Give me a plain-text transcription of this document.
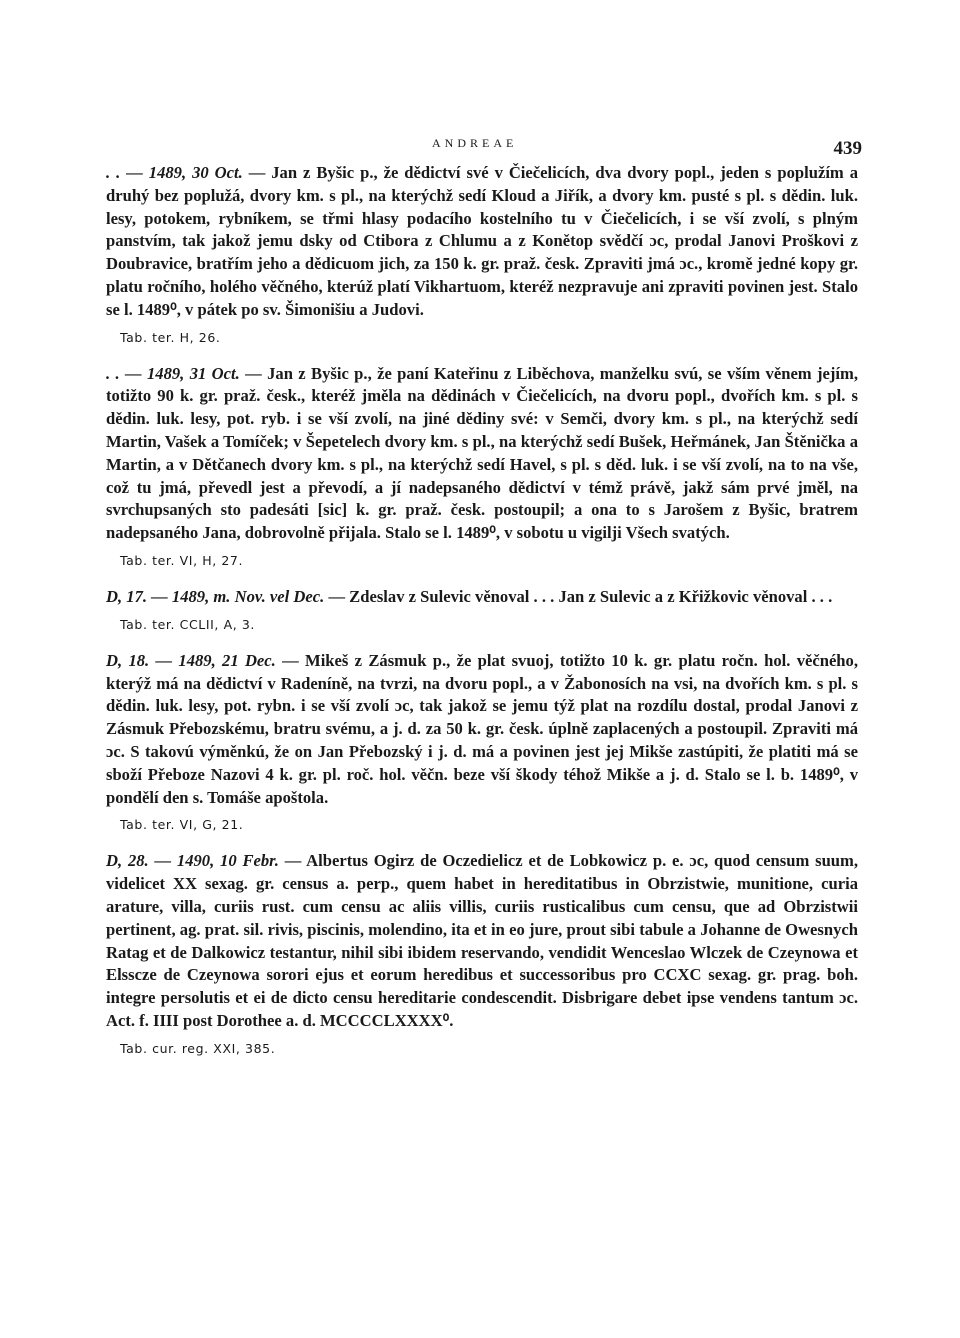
ANDREAE	439

. . — 1489, 30 Oct. — Jan z Byšic p., že dědictví své v Čiečelicích, dva dvory popl., jeden s poplužím a druhý bez poplužá, dvory km. s pl., na kterýchž sedí Kloud a Jiřík, a dvory km. pusté s pl. s dědin. luk. lesy, potokem, rybníkem, se třmi hlasy podacího kostelního tu v Čiečelicích, i se vší zvolí, s plným panstvím, tak jakož jemu dsky od Ctibora z Chlumu a z Konětop svědčí ɔc, prodal Janovi Proškovi z Doubravice, bratřím jeho a dědicuom jich, za 150 k. gr. praž. česk. Zpraviti jmá ɔc., kromě jedné kopy gr. platu ročního, holého věčného, kterúž platí Vikhartuom, kteréž nezpravuje ani zpraviti povinen jest. Stalo se l. 1489⁰, v pátek po sv. Šimonišiu a Judovi.

Tab. ter. H, 26.

. . — 1489, 31 Oct. — Jan z Byšic p., že paní Kateřinu z Liběchova, manželku svú, se vším věnem jejím, totižto 90 k. gr. praž. česk., kteréž jměla na dědinách v Čiečelicích, na dvoru popl., dvořích km. s pl. s dědin. luk. lesy, pot. ryb. i se vší zvolí, na jiné dědiny své: v Semči, dvory km. s pl., na kterýchž sedí Martin, Vašek a Tomíček; v Šepetelech dvory km. s pl., na kterýchž sedí Bušek, Heřmánek, Jan Štěnička a Martin, a v Dětčanech dvory km. s pl., na kterýchž sedí Havel, s pl. s děd. luk. i se vší zvolí, na to na vše, což tu jmá, převedl jest a převodí, a jí nadepsaného dědictví v témž právě, jakž sám prvé jměl, na svrchupsaných sto padesáti [sic] k. gr. praž. česk. postoupil; a ona to s Jarošem z Byšic, bratrem nadepsaného Jana, dobrovolně přijala. Stalo se l. 1489⁰, v sobotu u vigilji Všech svatých.

Tab. ter. VI, H, 27.

D, 17. — 1489, m. Nov. vel Dec. — Zdeslav z Sulevic věnoval . . . Jan z Sulevic a z Křižkovic věnoval . . .

Tab. ter. CCLII, A, 3.

D, 18. — 1489, 21 Dec. — Mikeš z Zásmuk p., že plat svuoj, totižto 10 k. gr. platu ročn. hol. věčného, kterýž má na dědictví v Radeníně, na tvrzi, na dvoru popl., a v Žabonosích na vsi, na dvořích km. s pl. s dědin. luk. lesy, pot. rybn. i se vší zvolí ɔc, tak jakož se jemu týž plat na rozdílu dostal, prodal Janovi z Zásmuk Přebozskému, bratru svému, a j. d. za 50 k. gr. česk. úplně zaplacených a postoupil. Zpraviti má ɔc. S takovú výměnkú, že on Jan Přebozský i j. d. má a povinen jest jej Mikše zastúpiti, že platiti má se sboží Přeboze Nazovi 4 k. gr. pl. roč. hol. věčn. beze vší škody téhož Mikše a j. d. Stalo se l. b. 1489⁰, v pondělí den s. Tomáše apoštola.

Tab. ter. VI, G, 21.

D, 28. — 1490, 10 Febr. — Albertus Ogirz de Oczedielicz et de Lobkowicz p. e. ɔc, quod censum suum, videlicet XX sexag. gr. census a. perp., quem habet in hereditatibus in Obrzistwie, munitione, curia arature, villa, curiis rust. cum censu ac aliis villis, curiis rusticalibus cum censu, que ad Obrzistwii pertinent, ag. prat. sil. rivis, piscinis, molendino, ita et in eo jure, prout sibi tabule a Johanne de Owesnych Ratag et de Dalkowicz testantur, nihil sibi ibidem reservando, vendidit Wenceslao Wlczek de Czeynowa et Elsscze de Czeynowa sorori ejus et eorum heredibus et successoribus pro CCXC sexag. gr. prag. boh. integre persolutis et ei de dicto censu hereditarie condescendit. Disbrigare debet ipse vendens tantum ɔc. Act. f. IIII post Dorothee a. d. MCCCCLXXXX⁰.

Tab. cur. reg. XXI, 385.
